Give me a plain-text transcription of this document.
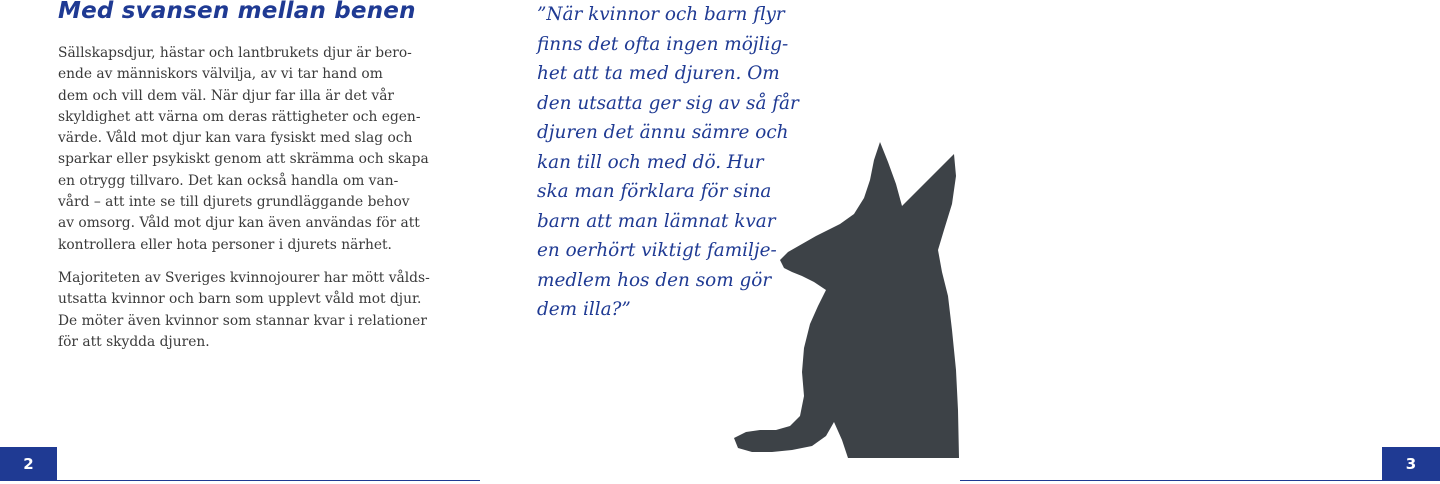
Med svansen mellan benen
Sällskapsdjur, hästar och lantbrukets djur är bero-
ende av människors välvilja, av vi tar hand om
dem och vill dem väl. När djur far illa är det vår
skyldighet att värna om deras rättigheter och egen-
värde. Våld mot djur kan vara fysiskt med slag och
sparkar eller psykiskt genom att skrämma och skapa
en otrygg tillvaro. Det kan också handla om van-
vård – att inte se till djurets grundläggande behov
av omsorg. Våld mot djur kan även användas för att
kontrollera eller hota personer i djurets närhet.
Majoriteten av Sveriges kvinnojourer har mött vålds-
utsatta kvinnor och barn som upplevt våld mot djur.
De möter även kvinnor som stannar kvar i relationer
för att skydda djuren.
2	3
”När kvinnor och barn flyr
finns det ofta ingen möjlig-
het att ta med djuren. Om
den utsatta ger sig av så får
djuren det ännu sämre och
kan till och med dö. Hur
ska man förklara för sina
barn att man lämnat kvar
en oerhört viktigt familje-
medlem hos den som gör
dem illa?”
